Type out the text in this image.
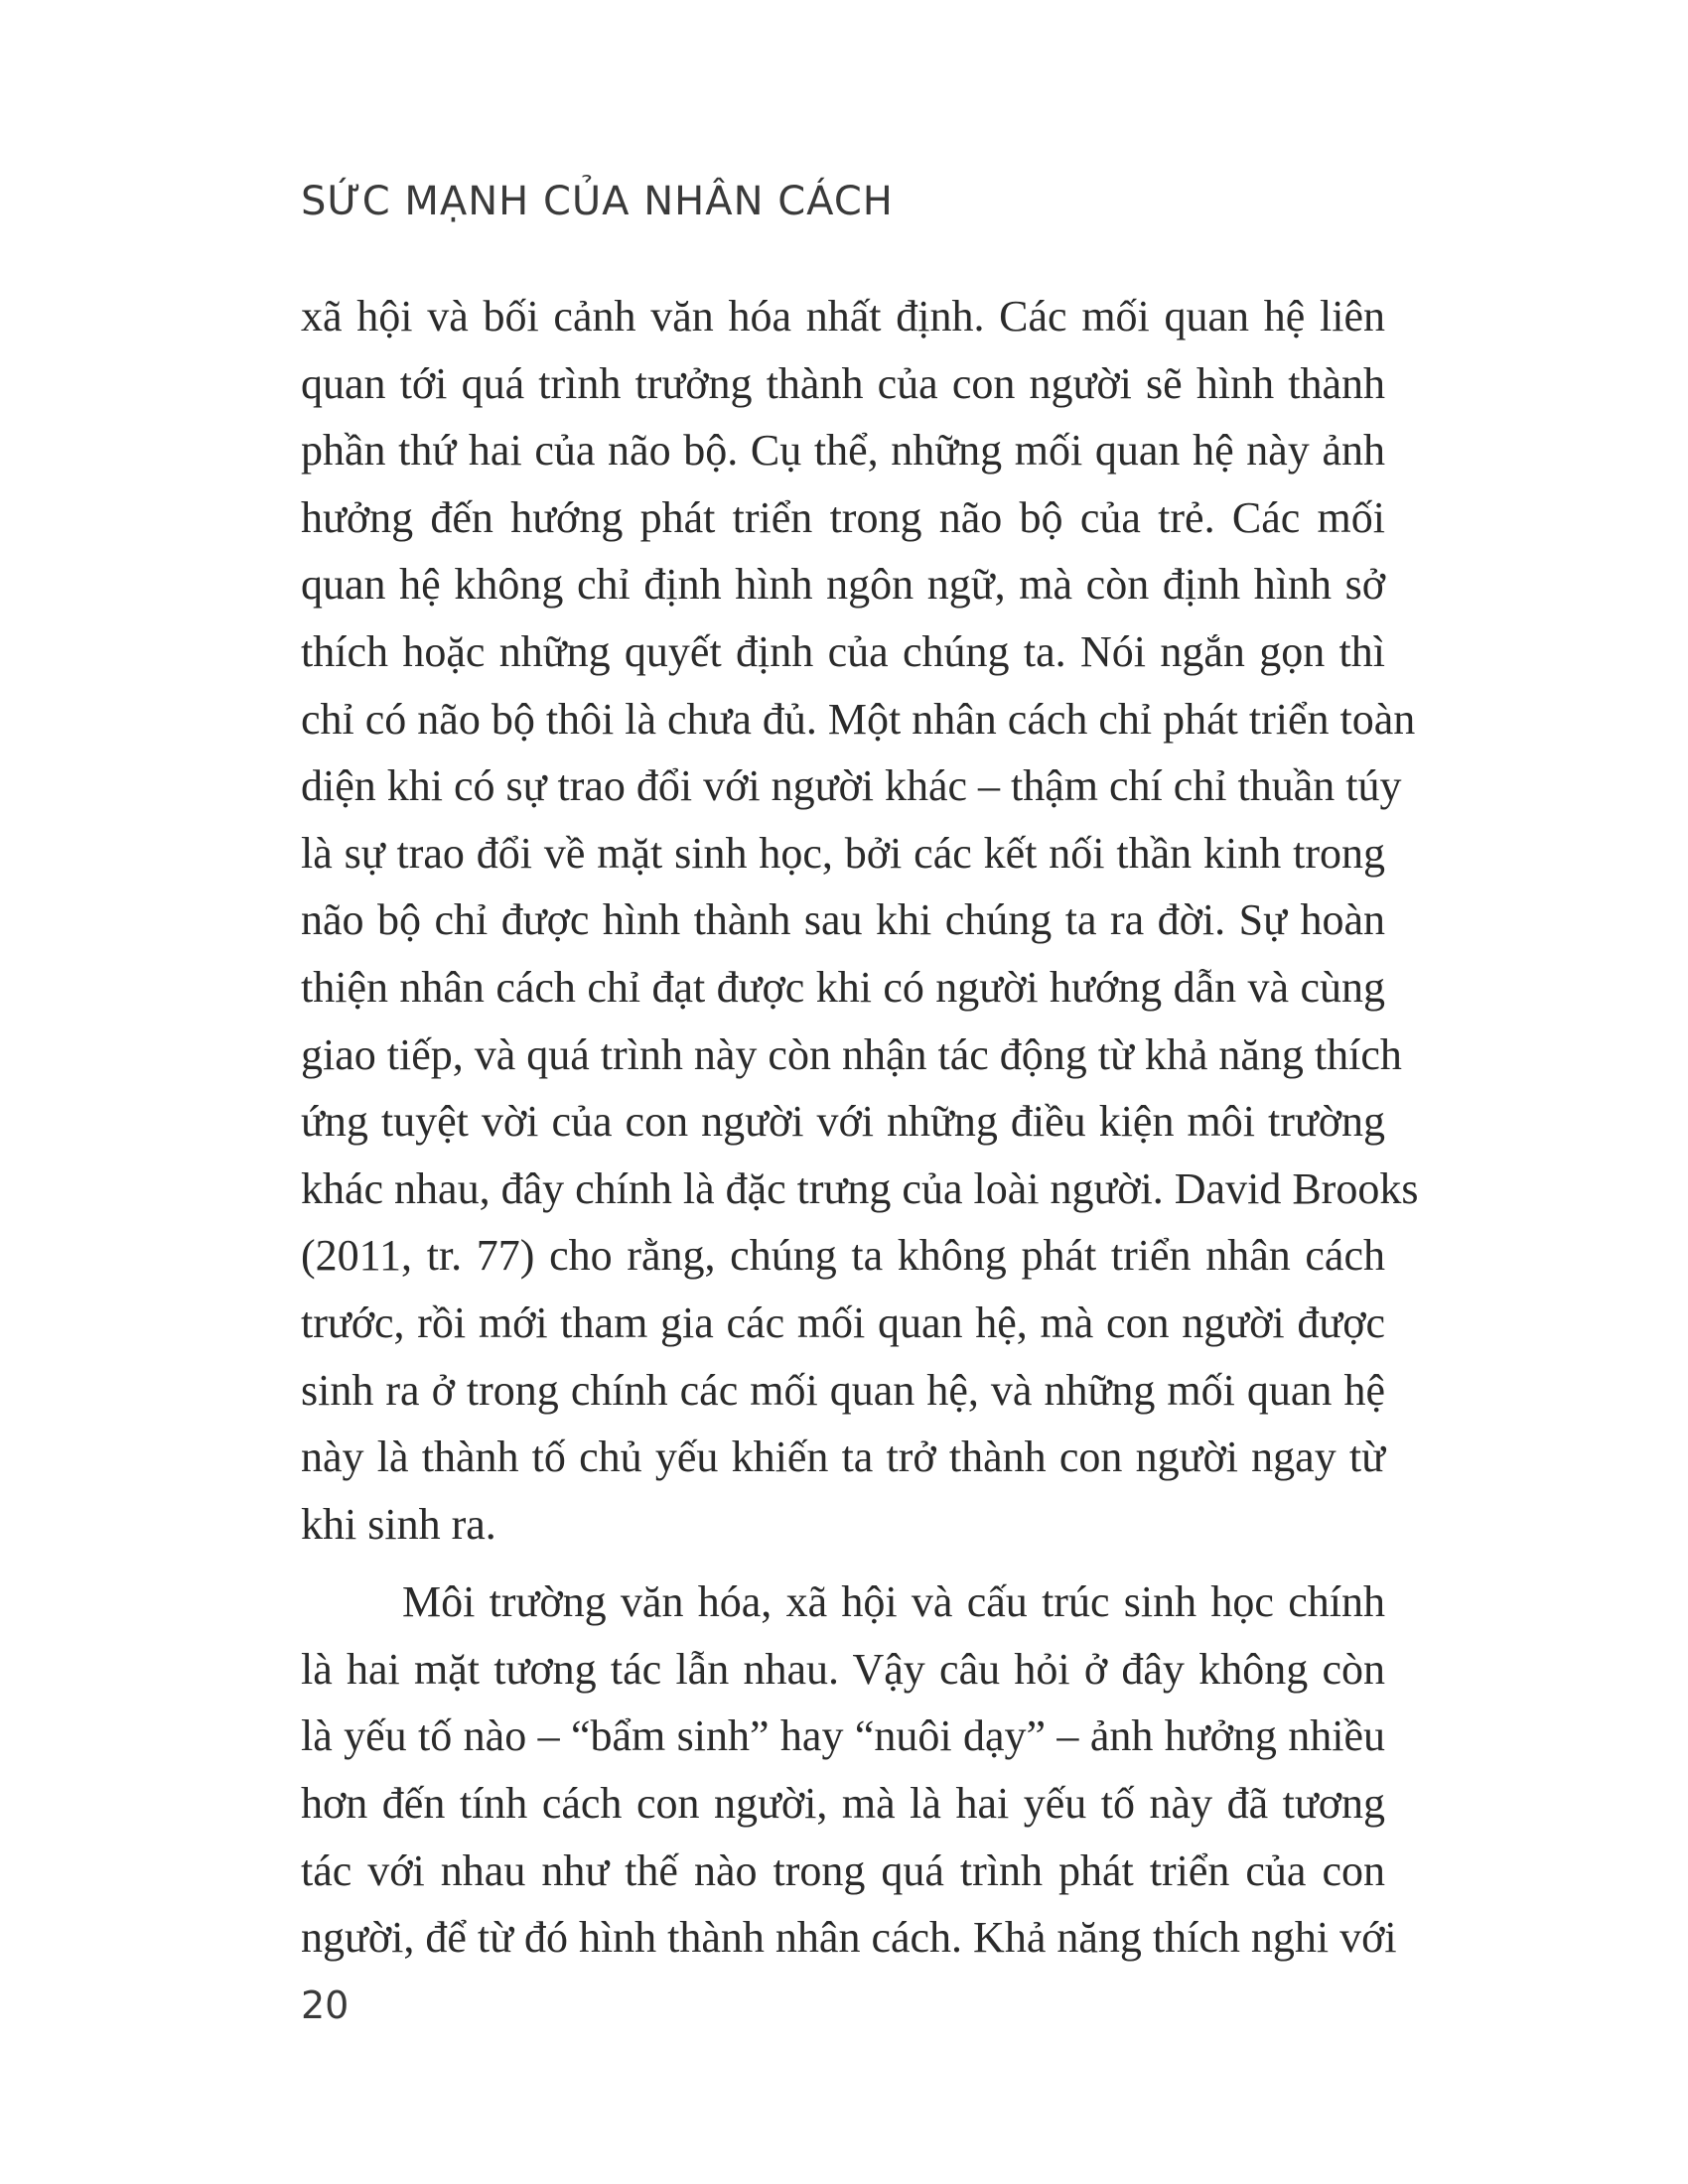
SỨC MẠNH CỦA NHÂN CÁCH
xã hội và bối cảnh văn hóa nhất định. Các mối quan hệ liên
quan tới quá trình trưởng thành của con người sẽ hình thành
phần thứ hai của não bộ. Cụ thể, những mối quan hệ này ảnh
hưởng đến hướng phát triển trong não bộ của trẻ. Các mối
quan hệ không chỉ định hình ngôn ngữ, mà còn định hình sở
thích hoặc những quyết định của chúng ta. Nói ngắn gọn thì
chỉ có não bộ thôi là chưa đủ. Một nhân cách chỉ phát triển toàn
diện khi có sự trao đổi với người khác – thậm chí chỉ thuần túy
là sự trao đổi về mặt sinh học, bởi các kết nối thần kinh trong
não bộ chỉ được hình thành sau khi chúng ta ra đời. Sự hoàn
thiện nhân cách chỉ đạt được khi có người hướng dẫn và cùng
giao tiếp, và quá trình này còn nhận tác động từ khả năng thích
ứng tuyệt vời của con người với những điều kiện môi trường
khác nhau, đây chính là đặc trưng của loài người. David Brooks
(2011, tr. 77) cho rằng, chúng ta không phát triển nhân cách
trước, rồi mới tham gia các mối quan hệ, mà con người được
sinh ra ở trong chính các mối quan hệ, và những mối quan hệ
này là thành tố chủ yếu khiến ta trở thành con người ngay từ
khi sinh ra.
Môi trường văn hóa, xã hội và cấu trúc sinh học chính
là hai mặt tương tác lẫn nhau. Vậy câu hỏi ở đây không còn
là yếu tố nào – “bẩm sinh” hay “nuôi dạy” – ảnh hưởng nhiều
hơn đến tính cách con người, mà là hai yếu tố này đã tương
tác với nhau như thế nào trong quá trình phát triển của con
người, để từ đó hình thành nhân cách. Khả năng thích nghi với
20
